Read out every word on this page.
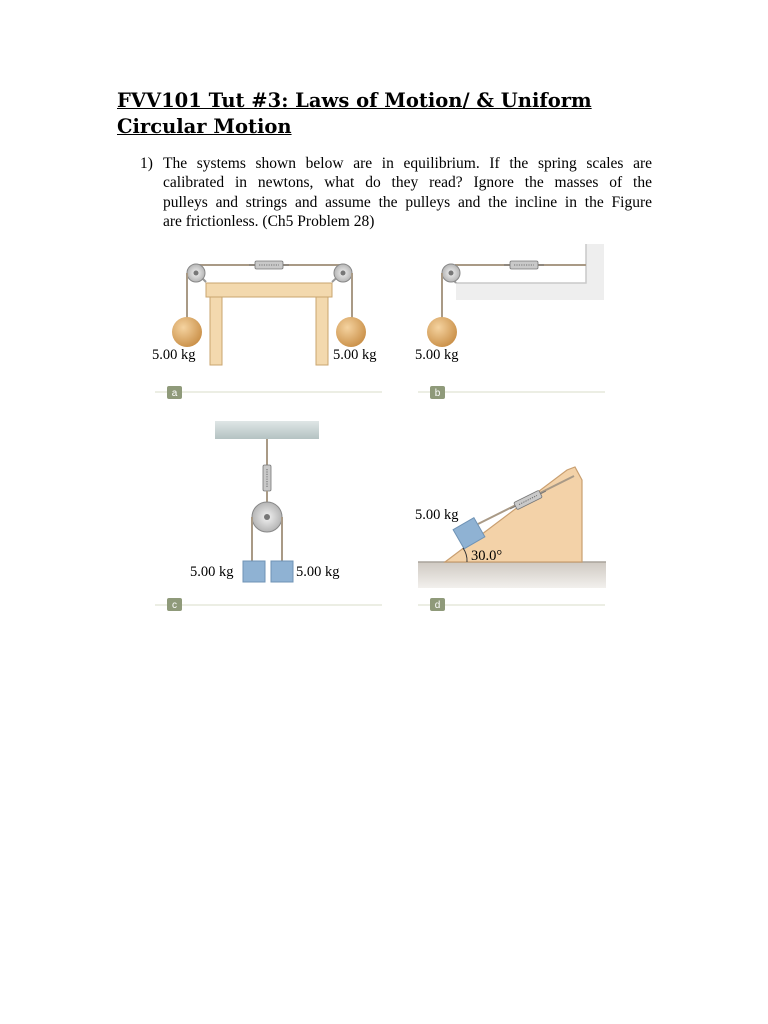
FVV101 Tut #3: Laws of Motion/ & Uniform
Circular Motion
1) The systems shown below are in equilibrium. If the spring scales are
calibrated in newtons, what do they read? Ignore the masses of the
pulleys and strings and assume the pulleys and the incline in the Figure
are frictionless. (Ch5 Problem 28)

5.00 kg	5.00 kg
a
5.00 kg
b
5.00 kg	5.00 kg
c
30.0°
5.00 kg
d
